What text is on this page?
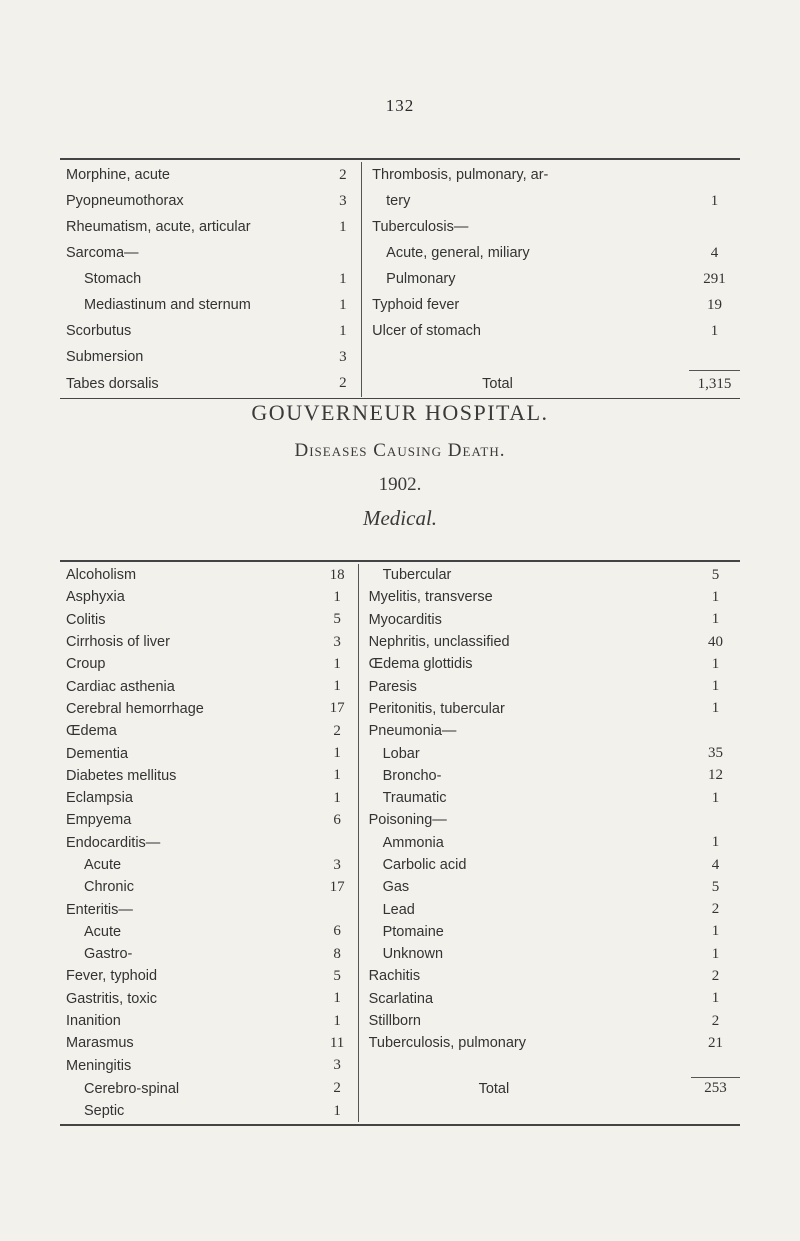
132
Morphine, acute	2	Thrombosis, pulmonary, ar-	
Pyopneumothorax	3	tery	1
Rheumatism, acute, articular	1	Tuberculosis—	
Sarcoma—		Acute, general, miliary	4
Stomach	1	Pulmonary	291
Mediastinum and sternum	1	Typhoid fever	19
Scorbutus	1	Ulcer of stomach	1
Submersion	3		
Tabes dorsalis	2	Total	1,315
GOUVERNEUR HOSPITAL.
Diseases Causing Death.
1902.
Medical.
Alcoholism	18	Tubercular	5
Asphyxia	1	Myelitis, transverse	1
Colitis	5	Myocarditis	1
Cirrhosis of liver	3	Nephritis, unclassified	40
Croup	1	Œdema glottidis	1
Cardiac asthenia	1	Paresis	1
Cerebral hemorrhage	17	Peritonitis, tubercular	1
Œdema	2	Pneumonia—	
Dementia	1	Lobar	35
Diabetes mellitus	1	Broncho-	12
Eclampsia	1	Traumatic	1
Empyema	6	Poisoning—	
Endocarditis—		Ammonia	1
Acute	3	Carbolic acid	4
Chronic	17	Gas	5
Enteritis—		Lead	2
Acute	6	Ptomaine	1
Gastro-	8	Unknown	1
Fever, typhoid	5	Rachitis	2
Gastritis, toxic	1	Scarlatina	1
Inanition	1	Stillborn	2
Marasmus	11	Tuberculosis, pulmonary	21
Meningitis	3		
Cerebro-spinal	2	Total	253
Septic	1		
